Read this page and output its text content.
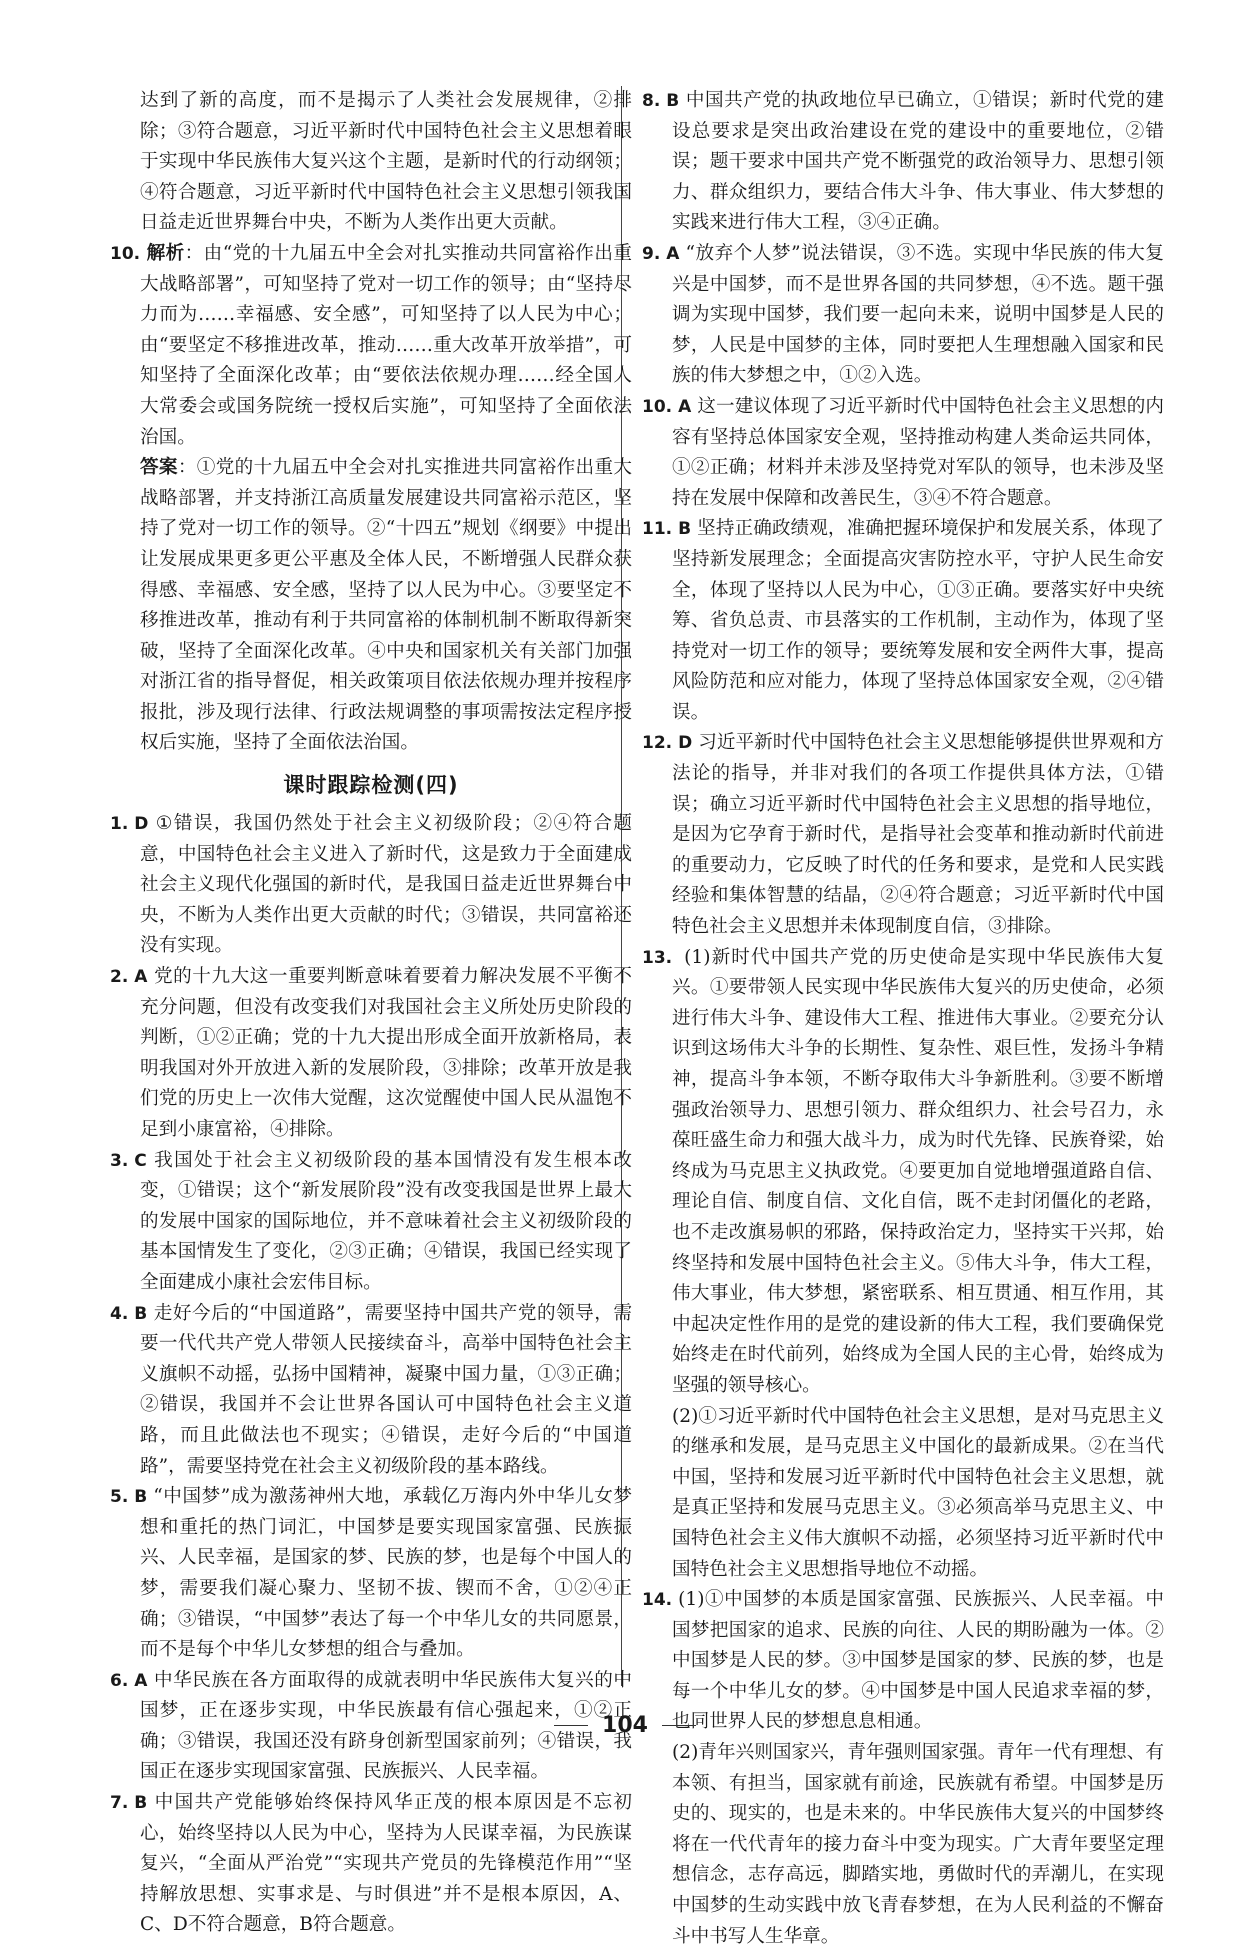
达到了新的高度，而不是揭示了人类社会发展规律，②排除；③符合题意，习近平新时代中国特色社会主义思想着眼于实现中华民族伟大复兴这个主题，是新时代的行动纲领；④符合题意，习近平新时代中国特色社会主义思想引领我国日益走近世界舞台中央，不断为人类作出更大贡献。

10. 解析：由“党的十九届五中全会对扎实推动共同富裕作出重大战略部署”，可知坚持了党对一切工作的领导；由“坚持尽力而为……幸福感、安全感”，可知坚持了以人民为中心；由“要坚定不移推进改革，推动……重大改革开放举措”，可知坚持了全面深化改革；由“要依法依规办理……经全国人大常委会或国务院统一授权后实施”，可知坚持了全面依法治国。

答案：①党的十九届五中全会对扎实推进共同富裕作出重大战略部署，并支持浙江高质量发展建设共同富裕示范区，坚持了党对一切工作的领导。②“十四五”规划《纲要》中提出让发展成果更多更公平惠及全体人民，不断增强人民群众获得感、幸福感、安全感，坚持了以人民为中心。③要坚定不移推进改革，推动有利于共同富裕的体制机制不断取得新突破，坚持了全面深化改革。④中央和国家机关有关部门加强对浙江省的指导督促，相关政策项目依法依规办理并按程序报批，涉及现行法律、行政法规调整的事项需按法定程序授权后实施，坚持了全面依法治国。

课时跟踪检测(四)

1. D ①错误，我国仍然处于社会主义初级阶段；②④符合题意，中国特色社会主义进入了新时代，这是致力于全面建成社会主义现代化强国的新时代，是我国日益走近世界舞台中央，不断为人类作出更大贡献的时代；③错误，共同富裕还没有实现。

2. A 党的十九大这一重要判断意味着要着力解决发展不平衡不充分问题，但没有改变我们对我国社会主义所处历史阶段的判断，①②正确；党的十九大提出形成全面开放新格局，表明我国对外开放进入新的发展阶段，③排除；改革开放是我们党的历史上一次伟大觉醒，这次觉醒使中国人民从温饱不足到小康富裕，④排除。

3. C 我国处于社会主义初级阶段的基本国情没有发生根本改变，①错误；这个“新发展阶段”没有改变我国是世界上最大的发展中国家的国际地位，并不意味着社会主义初级阶段的基本国情发生了变化，②③正确；④错误，我国已经实现了全面建成小康社会宏伟目标。

4. B 走好今后的“中国道路”，需要坚持中国共产党的领导，需要一代代共产党人带领人民接续奋斗，高举中国特色社会主义旗帜不动摇，弘扬中国精神，凝聚中国力量，①③正确；②错误，我国并不会让世界各国认可中国特色社会主义道路，而且此做法也不现实；④错误，走好今后的“中国道路”，需要坚持党在社会主义初级阶段的基本路线。

5. B “中国梦”成为激荡神州大地，承载亿万海内外中华儿女梦想和重托的热门词汇，中国梦是要实现国家富强、民族振兴、人民幸福，是国家的梦、民族的梦，也是每个中国人的梦，需要我们凝心聚力、坚韧不拔、锲而不舍，①②④正确；③错误，“中国梦”表达了每一个中华儿女的共同愿景，而不是每个中华儿女梦想的组合与叠加。

6. A 中华民族在各方面取得的成就表明中华民族伟大复兴的中国梦，正在逐步实现，中华民族最有信心强起来，①②正确；③错误，我国还没有跻身创新型国家前列；④错误，我国正在逐步实现国家富强、民族振兴、人民幸福。

7. B 中国共产党能够始终保持风华正茂的根本原因是不忘初心，始终坚持以人民为中心，坚持为人民谋幸福，为民族谋复兴，“全面从严治党”“实现共产党员的先锋模范作用”“坚持解放思想、实事求是、与时俱进”并不是根本原因，A、C、D不符合题意，B符合题意。

8. B 中国共产党的执政地位早已确立，①错误；新时代党的建设总要求是突出政治建设在党的建设中的重要地位，②错误；题干要求中国共产党不断强党的政治领导力、思想引领力、群众组织力，要结合伟大斗争、伟大事业、伟大梦想的实践来进行伟大工程，③④正确。

9. A “放弃个人梦”说法错误，③不选。实现中华民族的伟大复兴是中国梦，而不是世界各国的共同梦想，④不选。题干强调为实现中国梦，我们要一起向未来，说明中国梦是人民的梦，人民是中国梦的主体，同时要把人生理想融入国家和民族的伟大梦想之中，①②入选。

10. A 这一建议体现了习近平新时代中国特色社会主义思想的内容有坚持总体国家安全观，坚持推动构建人类命运共同体，①②正确；材料并未涉及坚持党对军队的领导，也未涉及坚持在发展中保障和改善民生，③④不符合题意。

11. B 坚持正确政绩观，准确把握环境保护和发展关系，体现了坚持新发展理念；全面提高灾害防控水平，守护人民生命安全，体现了坚持以人民为中心，①③正确。要落实好中央统筹、省负总责、市县落实的工作机制，主动作为，体现了坚持党对一切工作的领导；要统筹发展和安全两件大事，提高风险防范和应对能力，体现了坚持总体国家安全观，②④错误。

12. D 习近平新时代中国特色社会主义思想能够提供世界观和方法论的指导，并非对我们的各项工作提供具体方法，①错误；确立习近平新时代中国特色社会主义思想的指导地位，是因为它孕育于新时代，是指导社会变革和推动新时代前进的重要动力，它反映了时代的任务和要求，是党和人民实践经验和集体智慧的结晶，②④符合题意；习近平新时代中国特色社会主义思想并未体现制度自信，③排除。

13. (1)新时代中国共产党的历史使命是实现中华民族伟大复兴。①要带领人民实现中华民族伟大复兴的历史使命，必须进行伟大斗争、建设伟大工程、推进伟大事业。②要充分认识到这场伟大斗争的长期性、复杂性、艰巨性，发扬斗争精神，提高斗争本领，不断夺取伟大斗争新胜利。③要不断增强政治领导力、思想引领力、群众组织力、社会号召力，永葆旺盛生命力和强大战斗力，成为时代先锋、民族脊梁，始终成为马克思主义执政党。④要更加自觉地增强道路自信、理论自信、制度自信、文化自信，既不走封闭僵化的老路，也不走改旗易帜的邪路，保持政治定力，坚持实干兴邦，始终坚持和发展中国特色社会主义。⑤伟大斗争，伟大工程，伟大事业，伟大梦想，紧密联系、相互贯通、相互作用，其中起决定性作用的是党的建设新的伟大工程，我们要确保党始终走在时代前列，始终成为全国人民的主心骨，始终成为坚强的领导核心。

(2)①习近平新时代中国特色社会主义思想，是对马克思主义的继承和发展，是马克思主义中国化的最新成果。②在当代中国，坚持和发展习近平新时代中国特色社会主义思想，就是真正坚持和发展马克思主义。③必须高举马克思主义、中国特色社会主义伟大旗帜不动摇，必须坚持习近平新时代中国特色社会主义思想指导地位不动摇。

14. (1)①中国梦的本质是国家富强、民族振兴、人民幸福。中国梦把国家的追求、民族的向往、人民的期盼融为一体。②中国梦是人民的梦。③中国梦是国家的梦、民族的梦，也是每一个中华儿女的梦。④中国梦是中国人民追求幸福的梦，也同世界人民的梦想息息相通。

(2)青年兴则国家兴，青年强则国家强。青年一代有理想、有本领、有担当，国家就有前途，民族就有希望。中国梦是历史的、现实的，也是未来的。中华民族伟大复兴的中国梦终将在一代代青年的接力奋斗中变为现实。广大青年要坚定理想信念，志存高远，脚踏实地，勇做时代的弄潮儿，在实现中国梦的生动实践中放飞青春梦想，在为人民利益的不懈奋斗中书写人生华章。

104
